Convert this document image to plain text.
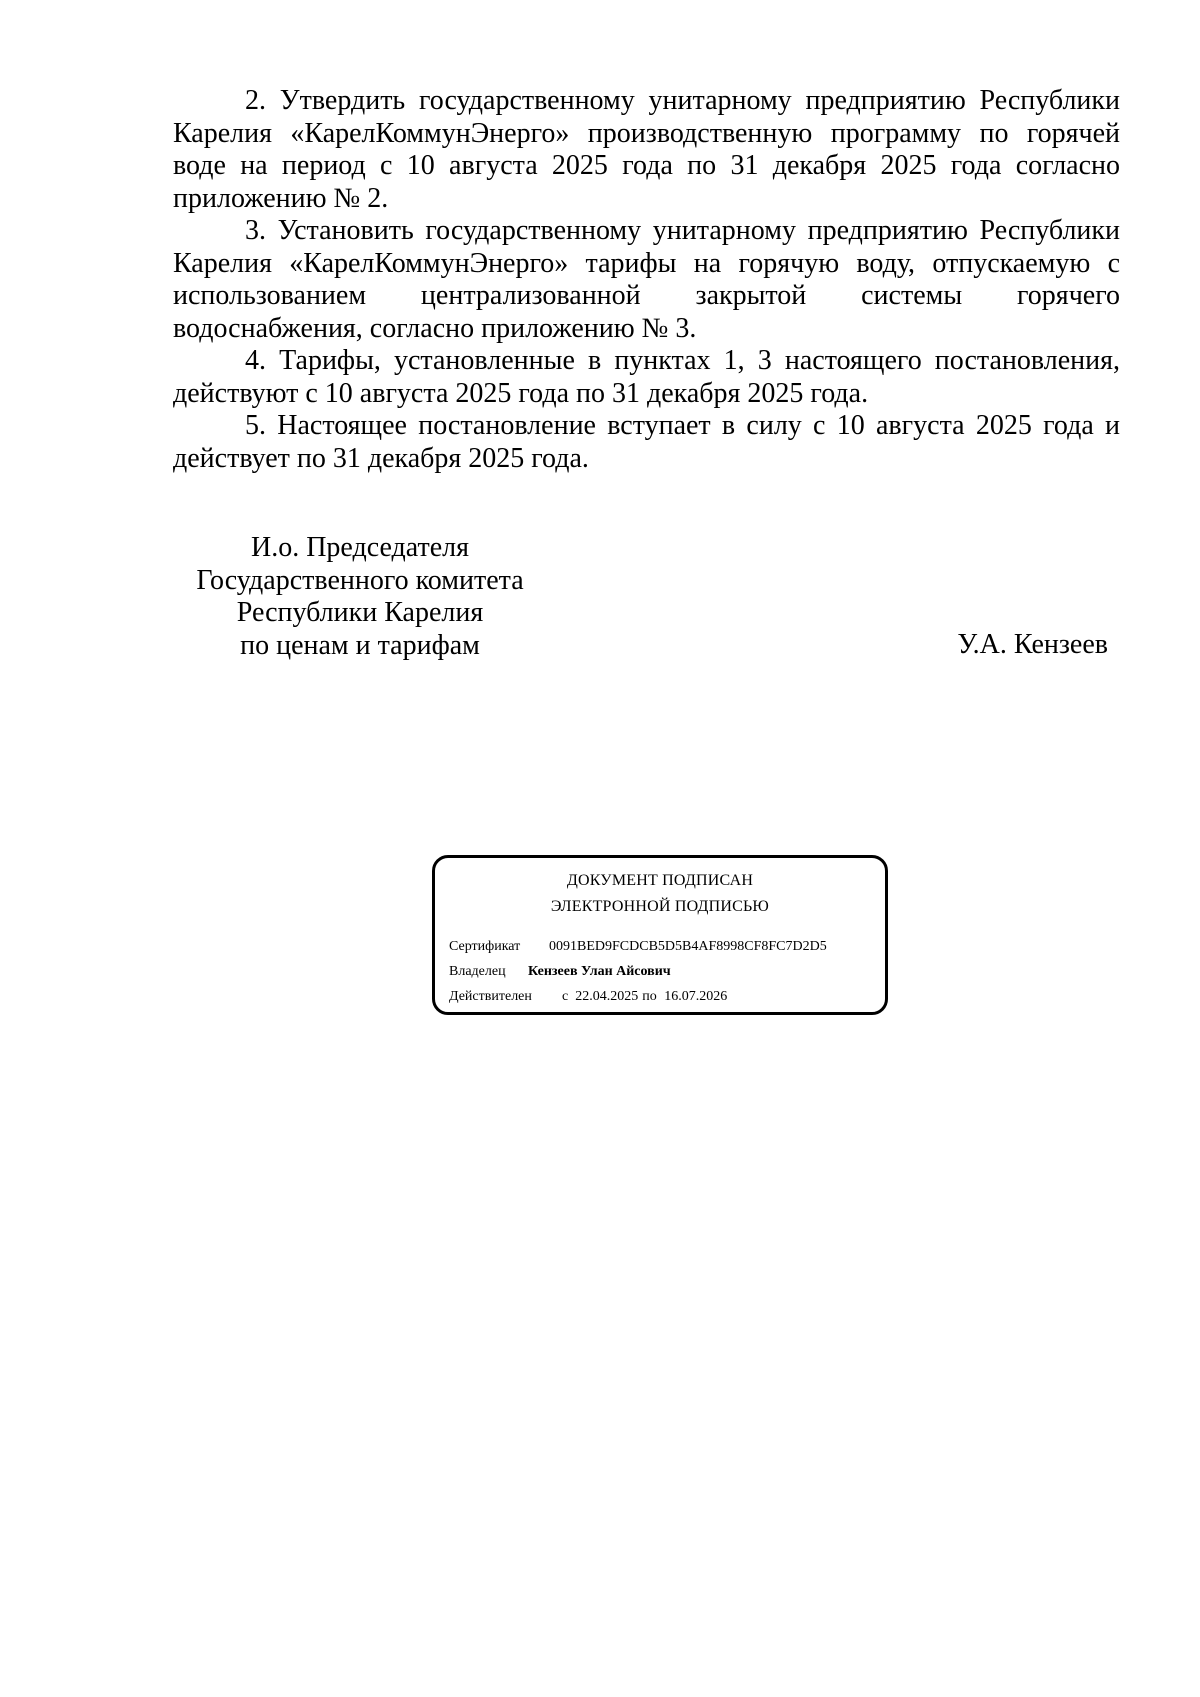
2. Утвердить государственному унитарному предприятию Республики Карелия «КарелКоммунЭнерго» производственную программу по горячей воде на период с 10 августа 2025 года по 31 декабря 2025 года согласно приложению № 2.

3. Установить государственному унитарному предприятию Республики Карелия «КарелКоммунЭнерго» тарифы на горячую воду, отпускаемую с использованием централизованной закрытой системы горячего водоснабжения, согласно приложению № 3.

4. Тарифы, установленные в пунктах 1, 3 настоящего постановления, действуют с 10 августа 2025 года по 31 декабря 2025 года.

5. Настоящее постановление вступает в силу с 10 августа 2025 года и действует по 31 декабря 2025 года.

И.о. Председателя
Государственного комитета
Республики Карелия
по ценам и тарифам	У.А. Кензеев
ДОКУМЕНТ ПОДПИСАН
ЭЛЕКТРОННОЙ ПОДПИСЬЮ
Сертификат 0091BED9FCDCB5D5B4AF8998CF8FC7D2D5
Владелец Кензеев Улан Айсович
Действителен с 22.04.2025 по 16.07.2026
